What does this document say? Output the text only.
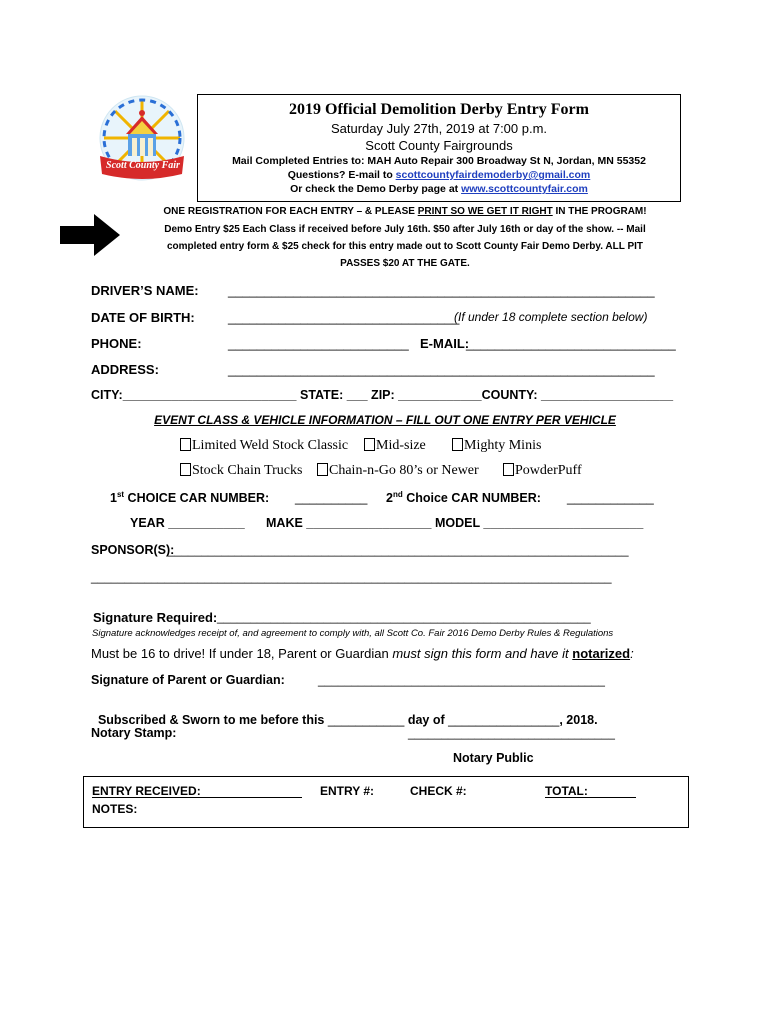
Scott County Fair
2019 Official Demolition Derby Entry Form
Saturday July 27th, 2019 at 7:00 p.m.
Scott County Fairgrounds
Mail Completed Entries to: MAH Auto Repair 300 Broadway St N, Jordan, MN 55352
Questions? E-mail to scottcountyfairdemoderby@gmail.com
Or check the Demo Derby page at www.scottcountyfair.com
ONE REGISTRATION FOR EACH ENTRY – & PLEASE PRINT SO WE GET IT RIGHT IN THE PROGRAM!
Demo Entry $25 Each Class if received before July 16th. $50 after July 16th or day of the show. -- Mail
completed entry form & $25 check for this entry made out to Scott County Fair Demo Derby. ALL PIT
PASSES $20 AT THE GATE.
DRIVER’S NAME: ___________________________________________________________
DATE OF BIRTH:	________________________________
(If under 18 complete section below)
PHONE:	_________________________ E-MAIL:
_____________________________
ADDRESS:	___________________________________________________________
CITY:_________________________ STATE: ___ ZIP: ____________COUNTY: ___________________
EVENT CLASS & VEHICLE INFORMATION – FILL OUT ONE ENTRY PER VEHICLE
Limited Weld Stock Classic	Mid-size	Mighty Minis
Stock Chain Trucks	Chain-n-Go 80’s or Newer	PowderPuff
1st CHOICE CAR NUMBER: __________ 2nd Choice CAR NUMBER: ____________
YEAR ___________ MAKE __________________ MODEL _______________________
SPONSOR(S):
_____________________________________________________________________
______________________________________________________________________________
Signature Required: ________________________________________________________
Signature acknowledges receipt of, and agreement to comply with, all Scott Co. Fair 2016 Demo Derby Rules & Regulations
Must be 16 to drive! If under 18, Parent or Guardian must sign this form and have it notarized:
Signature of Parent or Guardian:	___________________________________________

Subscribed & Sworn to me before this ___________ day of ________________, 2018.

Notary Stamp:	_______________________________
Notary Public
ENTRY RECEIVED:	ENTRY #:	CHECK #:	TOTAL:
NOTES:
